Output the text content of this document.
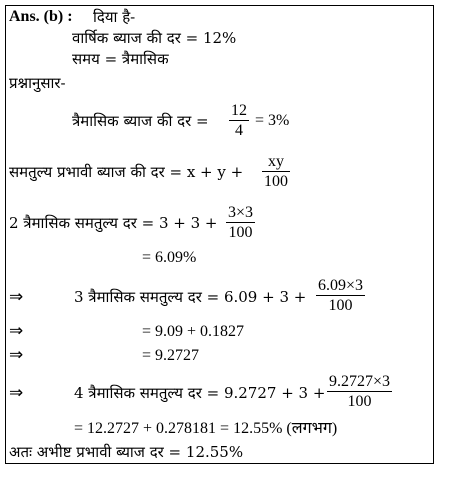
Ans. (b) : दिया है-
वार्षिक ब्याज की दर = 12%
समय = त्रैमासिक
प्रश्नानुसार-
त्रैमासिक ब्याज की दर =
12
4
= 3%
समतुल्य प्रभावी ब्याज की दर = x + y +
xy
100
2 त्रैमासिक समतुल्य दर = 3 + 3 +
3×3
100
= 6.09%
⇒	3 त्रैमासिक समतुल्य दर = 6.09 + 3 +
6.09×3
100
⇒	= 9.09 + 0.1827
⇒	= 9.2727
⇒	4 त्रैमासिक समतुल्य दर = 9.2727 + 3 +
9.2727×3
100
= 12.2727 + 0.278181 = 12.55% (लगभग)
अतः अभीष्ट प्रभावी ब्याज दर = 12.55%
